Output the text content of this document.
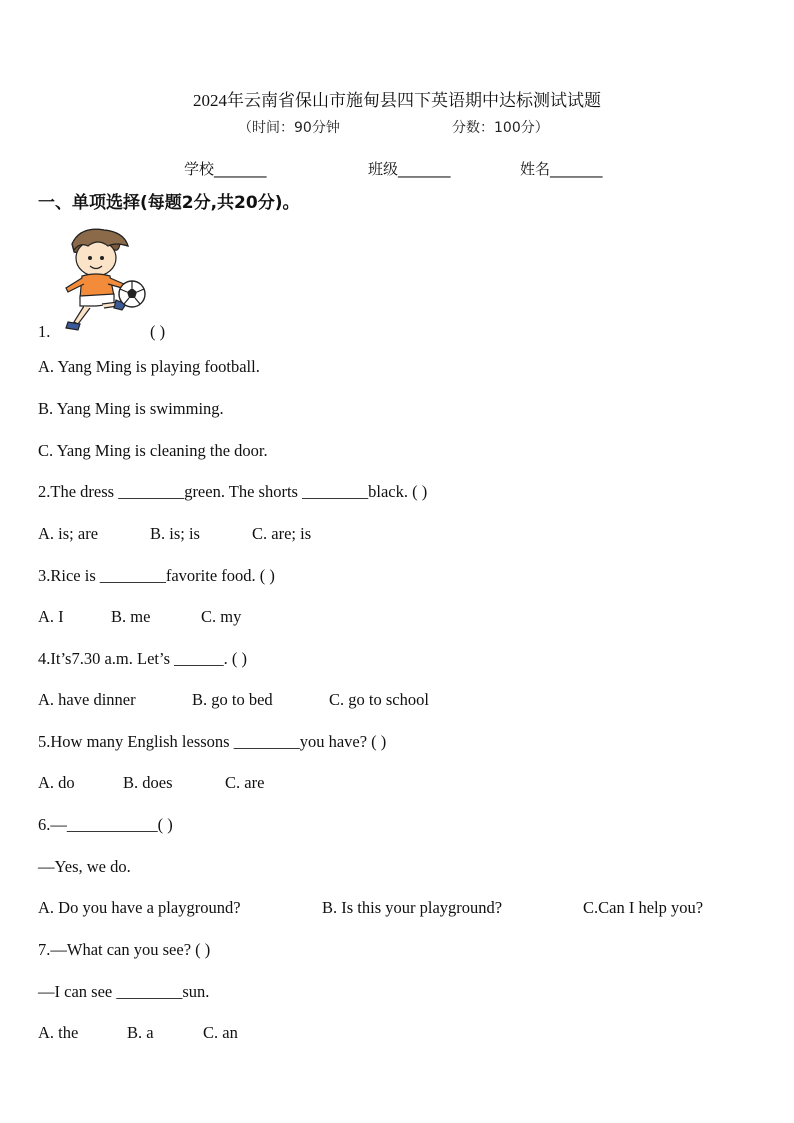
2024年云南省保山市施甸县四下英语期中达标测试试题
（时间：90分钟	分数：100分）
学校_______	班级_______	姓名_______
一、单项选择(每题2分,共20分)。
1.	( )
A. Yang Ming is playing football.
B. Yang Ming is swimming.
C. Yang Ming is cleaning the door.
2.The dress ________green. The shorts ________black. ( )
A. is; are	B. is; is	C. are; is
3.Rice is ________favorite food. ( )
A. I	B. me	C. my
4.It’s7.30 a.m. Let’s ______. ( )
A. have dinner	B. go to bed	C. go to school
5.How many English lessons ________you have? ( )
A. do	B. does	C. are
6.—___________( )
—Yes, we do.
A. Do you have a playground?	B. Is this your playground?	C.Can I help you?
7.—What can you see? ( )
—I can see ________sun.
A. the	B. a	C. an
